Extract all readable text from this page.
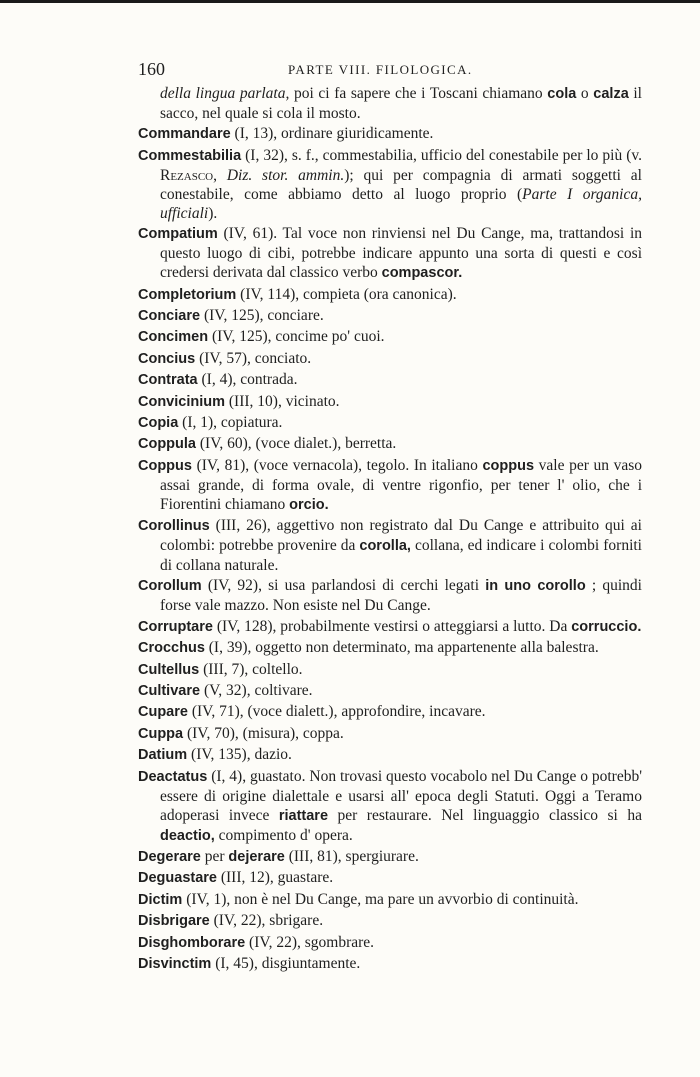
160	PARTE VIII. FILOLOGICA.

della lingua parlata, poi ci fa sapere che i Toscani chiamano cola o calza il sacco, nel quale si cola il mosto.

Commandare (I, 13), ordinare giuridicamente.

Commestabilia (I, 32), s. f., commestabilia, ufficio del conestabile per lo più (v. Rezasco, Diz. stor. ammin.); qui per compagnia di armati soggetti al conestabile, come abbiamo detto al luogo proprio (Parte I organica, ufficiali).

Compatium (IV, 61). Tal voce non rinviensi nel Du Cange, ma, trattandosi in questo luogo di cibi, potrebbe indicare appunto una sorta di questi e così credersi derivata dal classico verbo compascor.

Completorium (IV, 114), compieta (ora canonica).

Conciare (IV, 125), conciare.

Concimen (IV, 125), concime po' cuoi.

Concius (IV, 57), conciato.

Contrata (I, 4), contrada.

Convicinium (III, 10), vicinato.

Copia (I, 1), copiatura.

Coppula (IV, 60), (voce dialet.), berretta.

Coppus (IV, 81), (voce vernacola), tegolo. In italiano coppus vale per un vaso assai grande, di forma ovale, di ventre rigonfio, per tener l' olio, che i Fiorentini chiamano orcio.

Corollinus (III, 26), aggettivo non registrato dal Du Cange e attribuito qui ai colombi: potrebbe provenire da corolla, collana, ed indicare i colombi forniti di collana naturale.

Corollum (IV, 92), si usa parlandosi di cerchi legati in uno corollo ; quindi forse vale mazzo. Non esiste nel Du Cange.

Corruptare (IV, 128), probabilmente vestirsi o atteggiarsi a lutto. Da corruccio.

Crocchus (I, 39), oggetto non determinato, ma appartenente alla balestra.

Cultellus (III, 7), coltello.

Cultivare (V, 32), coltivare.

Cupare (IV, 71), (voce dialett.), approfondire, incavare.

Cuppa (IV, 70), (misura), coppa.

Datium (IV, 135), dazio.

Deactatus (I, 4), guastato. Non trovasi questo vocabolo nel Du Cange o potrebb' essere di origine dialettale e usarsi all' epoca degli Statuti. Oggi a Teramo adoperasi invece riattare per restaurare. Nel linguaggio classico si ha deactio, compimento d' opera.

Degerare per dejerare (III, 81), spergiurare.

Deguastare (III, 12), guastare.

Dictim (IV, 1), non è nel Du Cange, ma pare un avvorbio di continuità.

Disbrigare (IV, 22), sbrigare.

Disghomborare (IV, 22), sgombrare.

Disvinctim (I, 45), disgiuntamente.
